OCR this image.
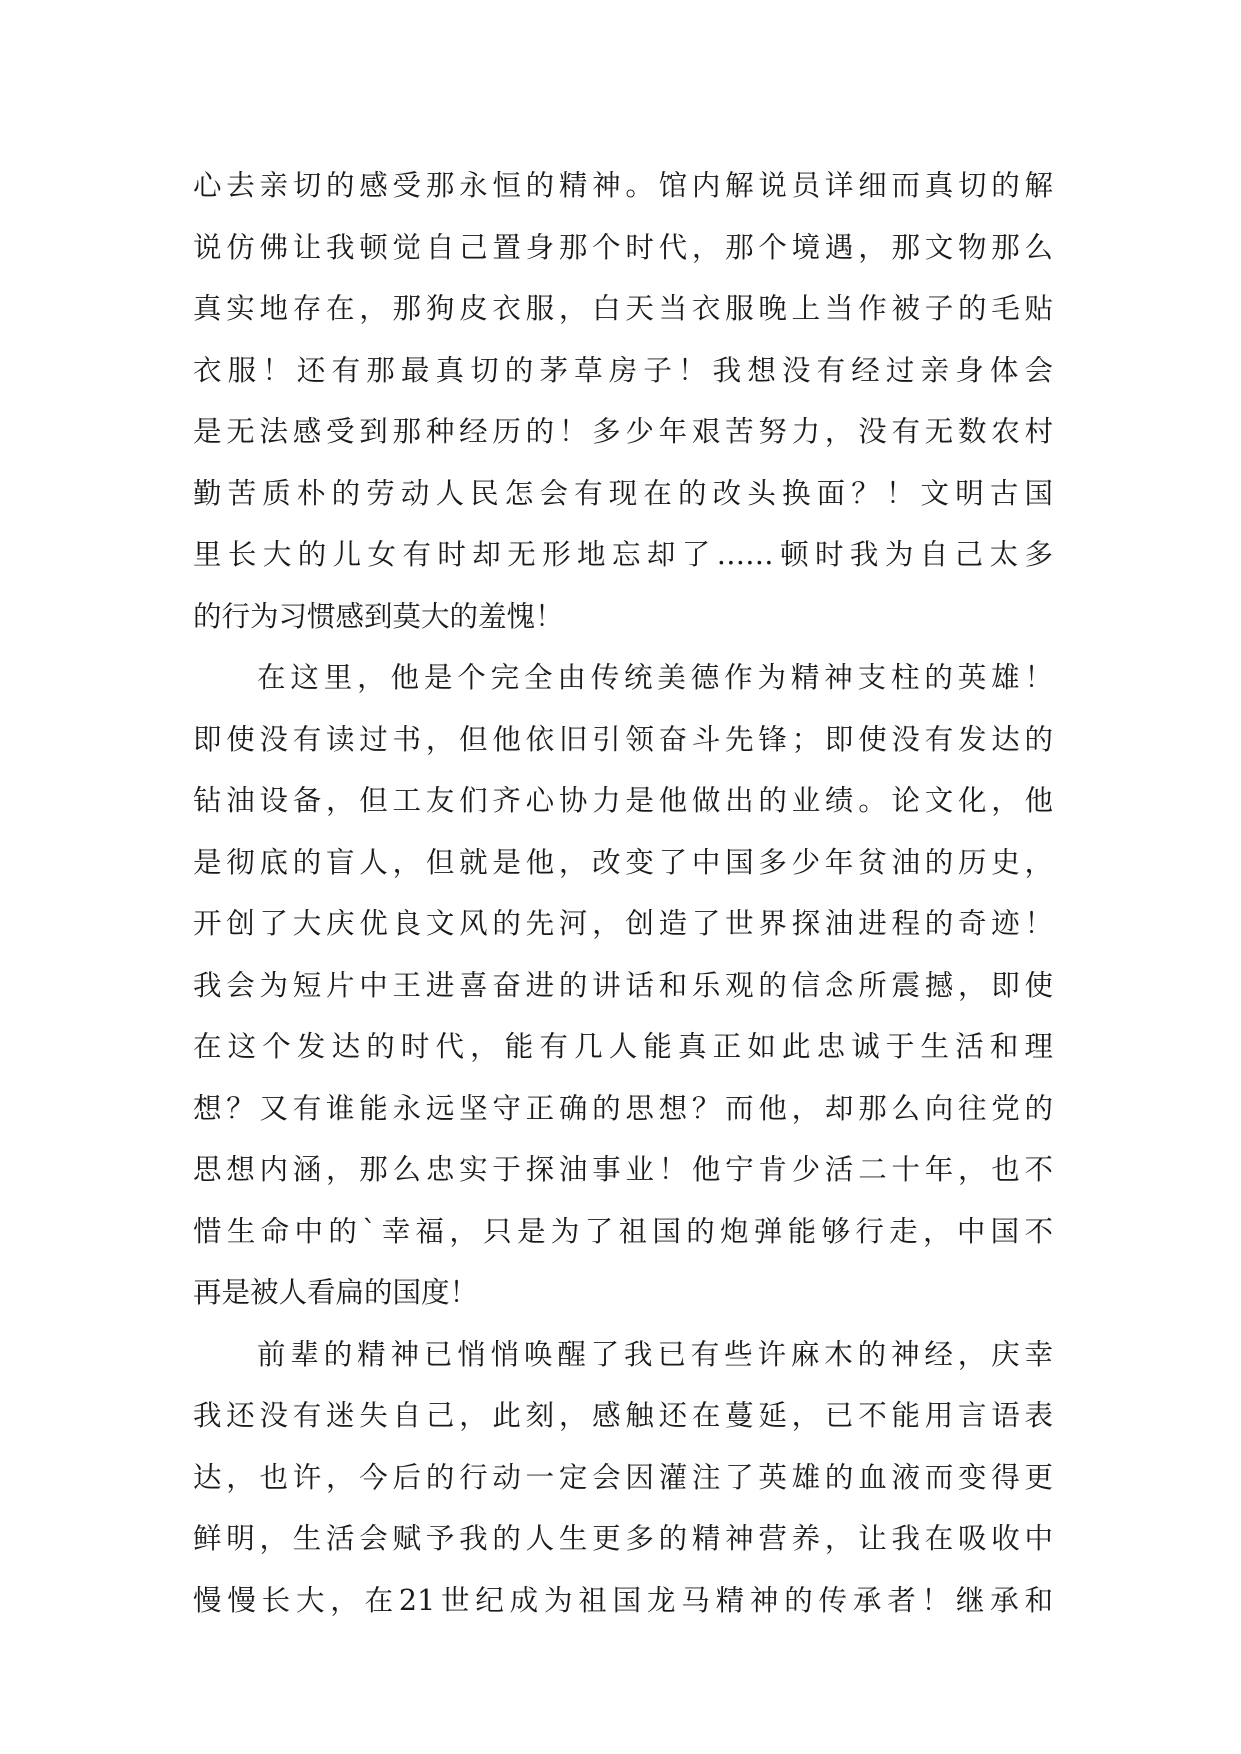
心去亲切的感受那永恒的精神。馆内解说员详细而真切的解
说仿佛让我顿觉自己置身那个时代，那个境遇，那文物那么
真实地存在，那狗皮衣服，白天当衣服晚上当作被子的毛贴
衣服！还有那最真切的茅草房子！我想没有经过亲身体会
是无法感受到那种经历的！多少年艰苦努力，没有无数农村
勤苦质朴的劳动人民怎会有现在的改头换面？！文明古国
里长大的儿女有时却无形地忘却了……顿时我为自己太多
的行为习惯感到莫大的羞愧！
在这里，他是个完全由传统美德作为精神支柱的英雄！
即使没有读过书，但他依旧引领奋斗先锋；即使没有发达的
钻油设备，但工友们齐心协力是他做出的业绩。论文化，他
是彻底的盲人，但就是他，改变了中国多少年贫油的历史，
开创了大庆优良文风的先河，创造了世界探油进程的奇迹！
我会为短片中王进喜奋进的讲话和乐观的信念所震撼，即使
在这个发达的时代，能有几人能真正如此忠诚于生活和理
想？又有谁能永远坚守正确的思想？而他，却那么向往党的
思想内涵，那么忠实于探油事业！他宁肯少活二十年，也不
惜生命中的`幸福，只是为了祖国的炮弹能够行走，中国不
再是被人看扁的国度！
前辈的精神已悄悄唤醒了我已有些许麻木的神经，庆幸
我还没有迷失自己，此刻，感触还在蔓延，已不能用言语表
达，也许，今后的行动一定会因灌注了英雄的血液而变得更
鲜明，生活会赋予我的人生更多的精神营养，让我在吸收中
慢慢长大，在21世纪成为祖国龙马精神的传承者！继承和
